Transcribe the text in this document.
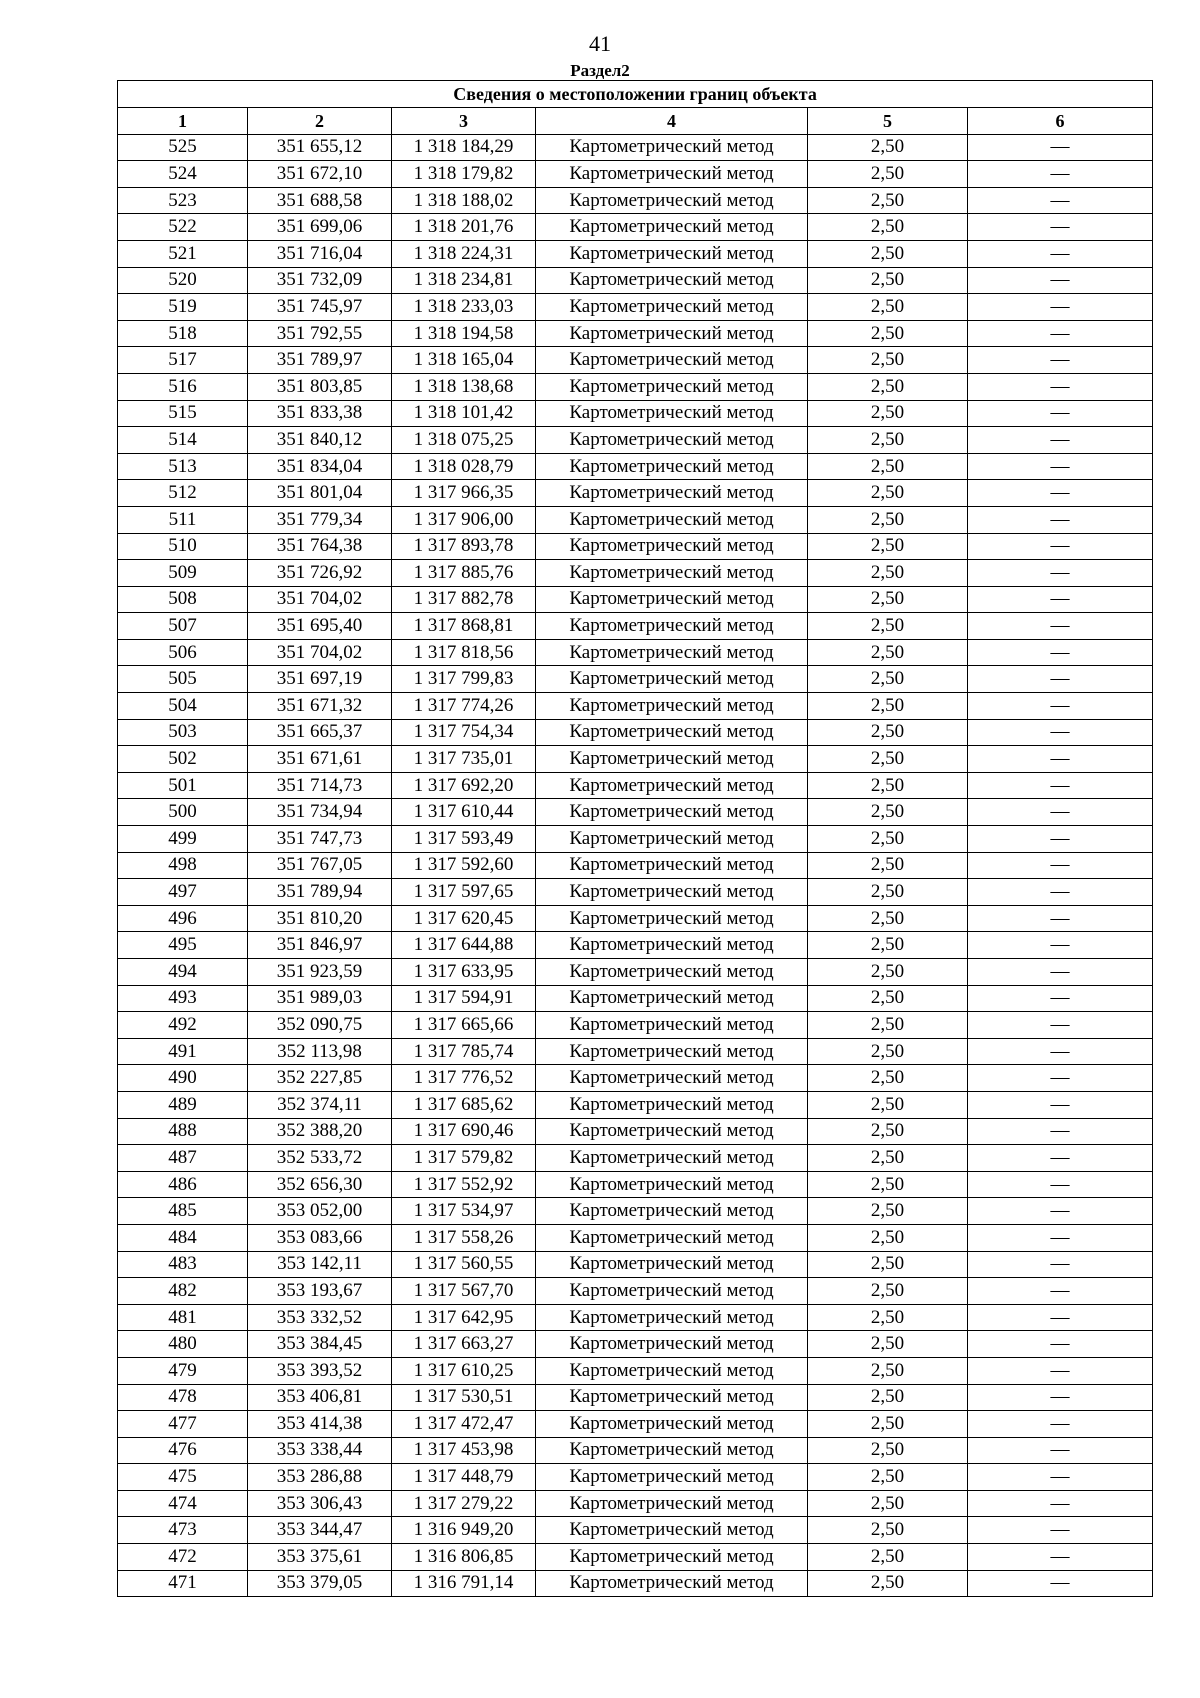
41
Раздел2
Сведения о местоположении границ объекта					
1	2	3	4	5	6
525	351 655,12	1 318 184,29	Картометрический метод	2,50	—
524	351 672,10	1 318 179,82	Картометрический метод	2,50	—
523	351 688,58	1 318 188,02	Картометрический метод	2,50	—
522	351 699,06	1 318 201,76	Картометрический метод	2,50	—
521	351 716,04	1 318 224,31	Картометрический метод	2,50	—
520	351 732,09	1 318 234,81	Картометрический метод	2,50	—
519	351 745,97	1 318 233,03	Картометрический метод	2,50	—
518	351 792,55	1 318 194,58	Картометрический метод	2,50	—
517	351 789,97	1 318 165,04	Картометрический метод	2,50	—
516	351 803,85	1 318 138,68	Картометрический метод	2,50	—
515	351 833,38	1 318 101,42	Картометрический метод	2,50	—
514	351 840,12	1 318 075,25	Картометрический метод	2,50	—
513	351 834,04	1 318 028,79	Картометрический метод	2,50	—
512	351 801,04	1 317 966,35	Картометрический метод	2,50	—
511	351 779,34	1 317 906,00	Картометрический метод	2,50	—
510	351 764,38	1 317 893,78	Картометрический метод	2,50	—
509	351 726,92	1 317 885,76	Картометрический метод	2,50	—
508	351 704,02	1 317 882,78	Картометрический метод	2,50	—
507	351 695,40	1 317 868,81	Картометрический метод	2,50	—
506	351 704,02	1 317 818,56	Картометрический метод	2,50	—
505	351 697,19	1 317 799,83	Картометрический метод	2,50	—
504	351 671,32	1 317 774,26	Картометрический метод	2,50	—
503	351 665,37	1 317 754,34	Картометрический метод	2,50	—
502	351 671,61	1 317 735,01	Картометрический метод	2,50	—
501	351 714,73	1 317 692,20	Картометрический метод	2,50	—
500	351 734,94	1 317 610,44	Картометрический метод	2,50	—
499	351 747,73	1 317 593,49	Картометрический метод	2,50	—
498	351 767,05	1 317 592,60	Картометрический метод	2,50	—
497	351 789,94	1 317 597,65	Картометрический метод	2,50	—
496	351 810,20	1 317 620,45	Картометрический метод	2,50	—
495	351 846,97	1 317 644,88	Картометрический метод	2,50	—
494	351 923,59	1 317 633,95	Картометрический метод	2,50	—
493	351 989,03	1 317 594,91	Картометрический метод	2,50	—
492	352 090,75	1 317 665,66	Картометрический метод	2,50	—
491	352 113,98	1 317 785,74	Картометрический метод	2,50	—
490	352 227,85	1 317 776,52	Картометрический метод	2,50	—
489	352 374,11	1 317 685,62	Картометрический метод	2,50	—
488	352 388,20	1 317 690,46	Картометрический метод	2,50	—
487	352 533,72	1 317 579,82	Картометрический метод	2,50	—
486	352 656,30	1 317 552,92	Картометрический метод	2,50	—
485	353 052,00	1 317 534,97	Картометрический метод	2,50	—
484	353 083,66	1 317 558,26	Картометрический метод	2,50	—
483	353 142,11	1 317 560,55	Картометрический метод	2,50	—
482	353 193,67	1 317 567,70	Картометрический метод	2,50	—
481	353 332,52	1 317 642,95	Картометрический метод	2,50	—
480	353 384,45	1 317 663,27	Картометрический метод	2,50	—
479	353 393,52	1 317 610,25	Картометрический метод	2,50	—
478	353 406,81	1 317 530,51	Картометрический метод	2,50	—
477	353 414,38	1 317 472,47	Картометрический метод	2,50	—
476	353 338,44	1 317 453,98	Картометрический метод	2,50	—
475	353 286,88	1 317 448,79	Картометрический метод	2,50	—
474	353 306,43	1 317 279,22	Картометрический метод	2,50	—
473	353 344,47	1 316 949,20	Картометрический метод	2,50	—
472	353 375,61	1 316 806,85	Картометрический метод	2,50	—
471	353 379,05	1 316 791,14	Картометрический метод	2,50	—
